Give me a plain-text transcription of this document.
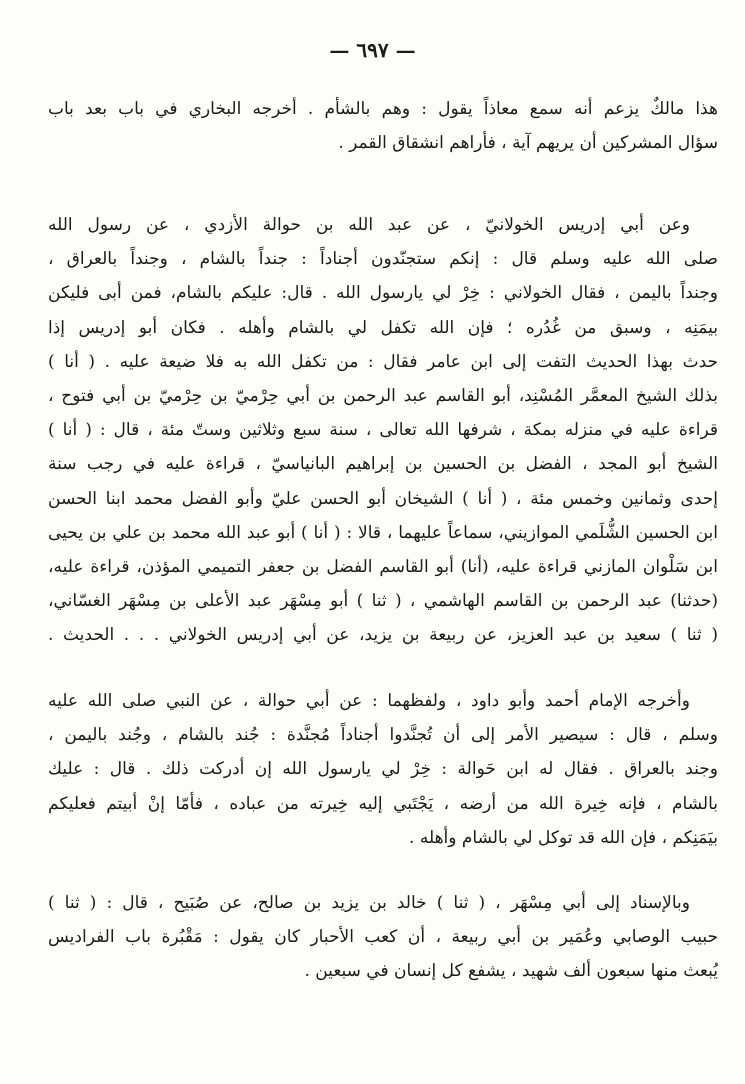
— ٦٩٧ —
هذا مالكٌ يزعم أنه سمع معاذاً يقول : وهم بالشأم . أخرجه البخاري في باب بعد باب
سؤال المشركين أن يريهم آية ، فأراهم انشقاق القمر .
وعن أبي إدريس الخولانيّ ، عن عبد الله بن حوالة الأزدي ، عن رسول الله
صلى الله عليه وسلم قال : إنكم ستجنّدون أجناداً : جنداً بالشام ، وجنداً بالعراق ،
وجنداً باليمن ، فقال الخولاني : خِرْ لي يارسول الله . قال: عليكم بالشام، فمن أبى فليكن
بيمَنِه ، وسبق من غُدُره ؛ فإن الله تكفل لي بالشام وأهله . فكان أبو إدريس إذا
حدث بهذا الحديث التفت إلى ابن عامر فقال : من تكفل الله به فلا ضيعة عليه . ( أنا )
بذلك الشيخ المعمَّر المُسْنِد، أبو القاسم عبد الرحمن بن أبي حِرْميّ بن حِرْميّ بن أبي فتوح ،
قراءة عليه في منزله بمكة ، شرفها الله تعالى ، سنة سبع وثلاثين وستّ مئة ، قال : ( أنا )
الشيخ أبو المجد ، الفضل بن الحسين بن إبراهيم البانياسيّ ، قراءة عليه في رجب سنة
إحدى وثمانين وخمس مئة ، ( أنا ) الشيخان أبو الحسن عليّ وأبو الفضل محمد ابنا الحسن
ابن الحسين الشُّلَمي الموازيني، سماعاً عليهما ، قالا : ( أنا ) أبو عبد الله محمد بن علي بن يحيى
ابن سَلْوان المازني قراءة عليه، (أنا) أبو القاسم الفضل بن جعفر التميمي المؤذن، قراءة عليه،
(حدثنا) عبد الرحمن بن القاسم الهاشمي ، ( ثنا ) أبو مِسْهَر عبد الأعلى بن مِسْهَر الغسّاني،
( ثنا ) سعيد بن عبد العزيز، عن ربيعة بن يزيد، عن أبي إدريس الخولاني . . . الحديث .
وأخرجه الإمام أحمد وأبو داود ، ولفظهما : عن أبي حوالة ، عن النبي صلى الله عليه
وسلم ، قال : سيصير الأمر إلى أن تُجنَّدوا أجناداً مُجنَّدة : جُند بالشام ، وجُند باليمن ،
وجند بالعراق . فقال له ابن حَوالة : خِرْ لي يارسول الله إن أدركت ذلك . قال : عليك
بالشام ، فإنه خِيرة الله من أرضه ، يَجْتَبي إليه خِيرته من عباده ، فأمّا إنْ أبيتم فعليكم
بيَمَنِكم ، فإن الله قد توكل لي بالشام وأهله .
وبالإسناد إلى أبي مِسْهَر ، ( ثنا ) خالد بن يزيد بن صالح، عن صُبَيح ، قال : ( ثنا )
حبيب الوصابي وعُمَير بن أبي ربيعة ، أن كعب الأحبار كان يقول : مَقْبُرة باب الفراديس
يُبعث منها سبعون ألف شهيد ، يشفع كل إنسان في سبعين .
